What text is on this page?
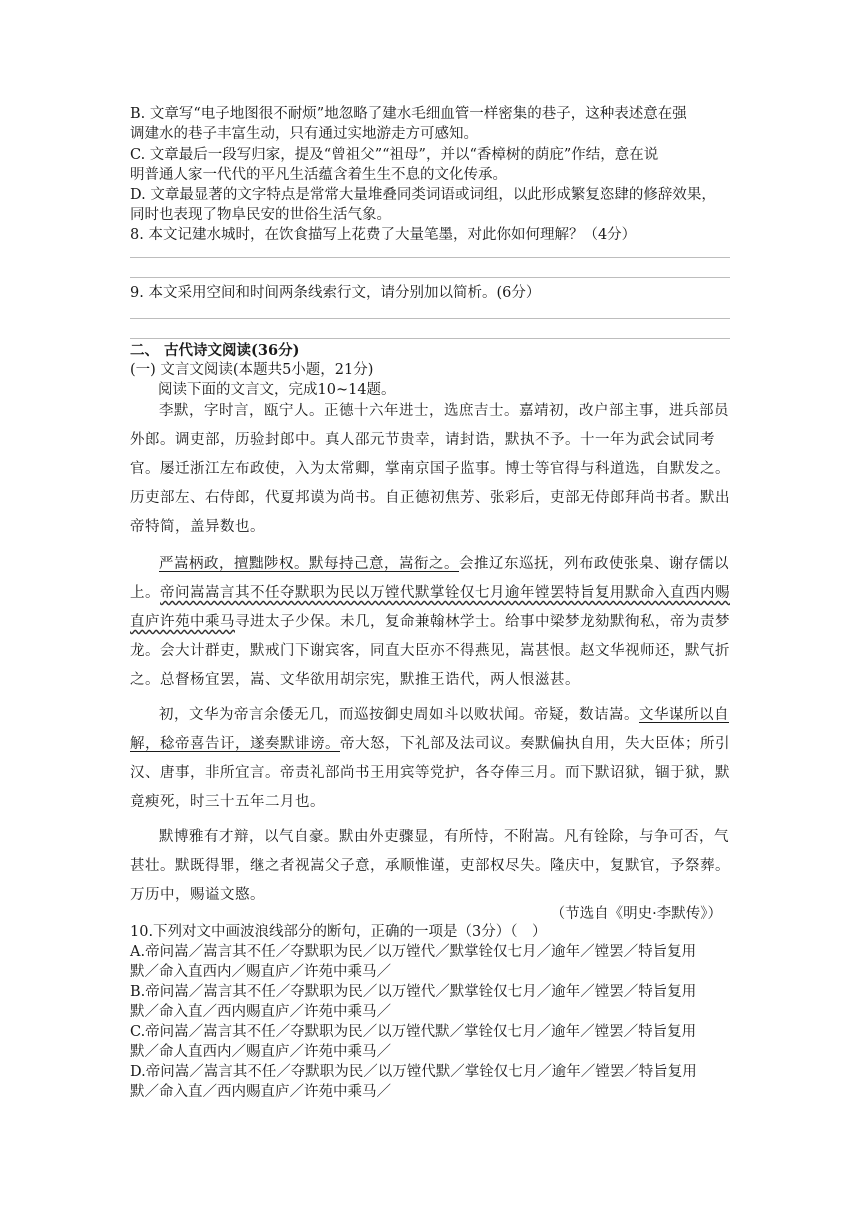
B. 文章写“电子地图很不耐烦”地忽略了建水毛细血管一样密集的巷子，这种表述意在强
调建水的巷子丰富生动，只有通过实地游走方可感知。
C. 文章最后一段写归家，提及“曾祖父”“祖母”，并以“香樟树的荫庇”作结，意在说
明普通人家一代代的平凡生活蕴含着生生不息的文化传承。
D. 文章最显著的文字特点是常常大量堆叠同类词语或词组，以此形成繁复恣肆的修辞效果，
同时也表现了物阜民安的世俗生活气象。
8. 本文记建水城时，在饮食描写上花费了大量笔墨，对此你如何理解？（4分）
9. 本文采用空间和时间两条线索行文，请分别加以简析。(6分）
二、 古代诗文阅读(36分)
(一) 文言文阅读(本题共5小题，21分)
阅读下面的文言文，完成10~14题。

李默，字时言，瓯宁人。正德十六年进士，选庶吉士。嘉靖初，改户部主事，进兵部员外郎。调吏部，历验封郎中。真人邵元节贵幸，请封诰，默执不予。十一年为武会试同考官。屡迁浙江左布政使，入为太常卿，掌南京国子监事。博士等官得与科道选，自默发之。历吏部左、右侍郎，代夏邦谟为尚书。自正德初焦芳、张彩后，吏部无侍郎拜尚书者。默出帝特简，盖异数也。

严嵩柄政，擅黜陟权。默每持己意，嵩衔之。会推辽东巡抚，列布政使张臬、谢存儒以上。帝问嵩嵩言其不任夺默职为民以万镗代默掌铨仅七月逾年镗罢特旨复用默命入直西内赐直庐许苑中乘马寻进太子少保。未几，复命兼翰林学士。给事中梁梦龙劾默徇私，帝为责梦龙。会大计群吏，默戒门下谢宾客，同直大臣亦不得燕见，嵩甚恨。赵文华视师还，默气折之。总督杨宜罢，嵩、文华欲用胡宗宪，默推王诰代，两人恨滋甚。

初，文华为帝言余倭无几，而巡按御史周如斗以败状闻。帝疑，数诘嵩。文华谋所以自解，稔帝喜告讦，遂奏默诽谤。帝大怒，下礼部及法司议。奏默偏执自用，失大臣体；所引汉、唐事，非所宜言。帝责礼部尚书王用宾等党护，各夺俸三月。而下默诏狱，锢于狱，默竟瘐死，时三十五年二月也。

默博雅有才辩，以气自豪。默由外吏骤显，有所恃，不附嵩。凡有铨除，与争可否，气甚壮。默既得罪，继之者视嵩父子意，承顺惟谨，吏部权尽失。隆庆中，复默官，予祭葬。万历中，赐谥文愍。

（节选自《明史·李默传》）
10.下列对文中画波浪线部分的断句，正确的一项是（3分）（　）
A.帝问嵩／嵩言其不任／夺默职为民／以万镗代／默掌铨仅七月／逾年／镗罢／特旨复用
默／命入直西内／赐直庐／许苑中乘马／
B.帝问嵩／嵩言其不任／夺默职为民／以万镗代／默掌铨仅七月／逾年／镗罢／特旨复用
默／命入直／西内赐直庐／许苑中乘马／
C.帝问嵩／嵩言其不任／夺默职为民／以万镗代默／掌铨仅七月／逾年／镗罢／特旨复用
默／命人直西内／赐直庐／许苑中乘马／
D.帝问嵩／嵩言其不任／夺默职为民／以万镗代默／掌铨仅七月／逾年／镗罢／特旨复用
默／命入直／西内赐直庐／许苑中乘马／
